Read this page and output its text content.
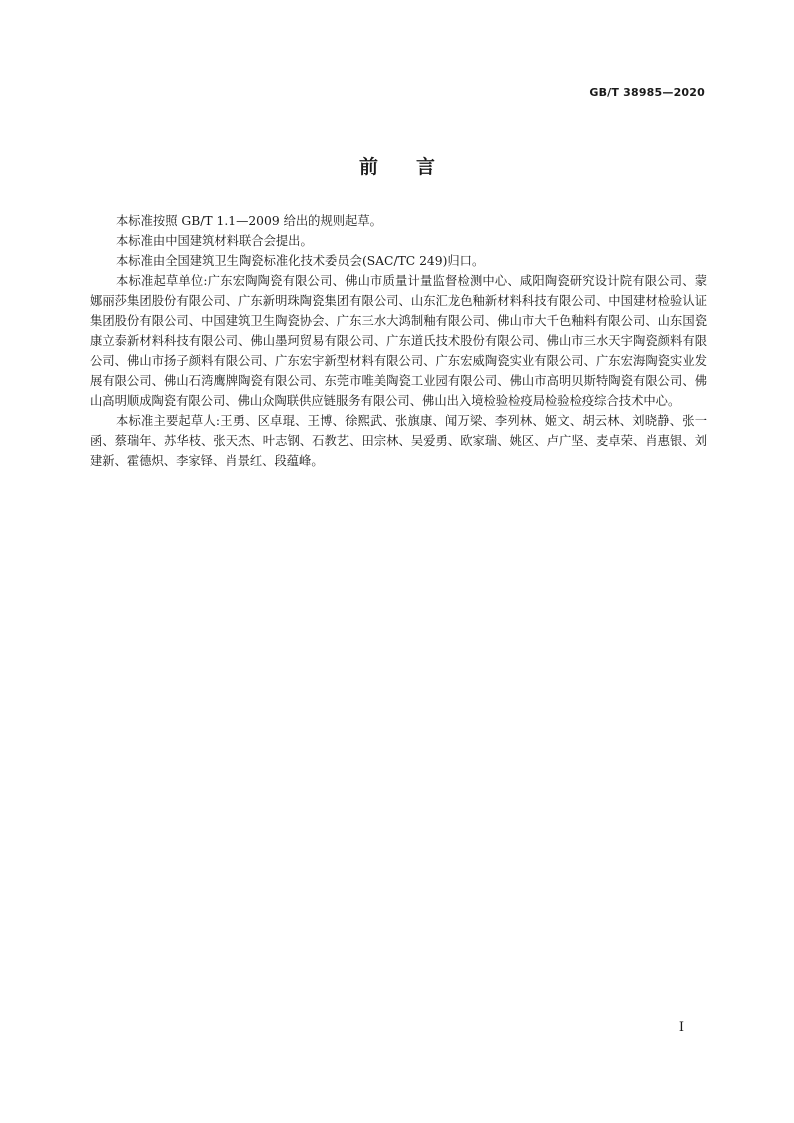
GB/T 38985—2020
前言

本标准按照 GB/T 1.1—2009 给出的规则起草。

本标准由中国建筑材料联合会提出。

本标准由全国建筑卫生陶瓷标准化技术委员会(SAC/TC 249)归口。

本标准起草单位:广东宏陶陶瓷有限公司、佛山市质量计量监督检测中心、咸阳陶瓷研究设计院有限公司、蒙娜丽莎集团股份有限公司、广东新明珠陶瓷集团有限公司、山东汇龙色釉新材料科技有限公司、中国建材检验认证集团股份有限公司、中国建筑卫生陶瓷协会、广东三水大鸿制釉有限公司、佛山市大千色釉料有限公司、山东国瓷康立泰新材料科技有限公司、佛山墨珂贸易有限公司、广东道氏技术股份有限公司、佛山市三水天宇陶瓷颜料有限公司、佛山市扬子颜料有限公司、广东宏宇新型材料有限公司、广东宏威陶瓷实业有限公司、广东宏海陶瓷实业发展有限公司、佛山石湾鹰牌陶瓷有限公司、东莞市唯美陶瓷工业园有限公司、佛山市高明贝斯特陶瓷有限公司、佛山高明顺成陶瓷有限公司、佛山众陶联供应链服务有限公司、佛山出入境检验检疫局检验检疫综合技术中心。

本标准主要起草人:王勇、区卓琨、王博、徐熙武、张旗康、闻万梁、李列林、姬文、胡云林、刘晓静、张一函、蔡瑞年、苏华枝、张天杰、叶志钢、石教艺、田宗林、吴爱勇、欧家瑞、姚区、卢广坚、麦卓荣、肖惠银、刘建新、霍德炽、李家铎、肖景红、段蕴峰。

I
